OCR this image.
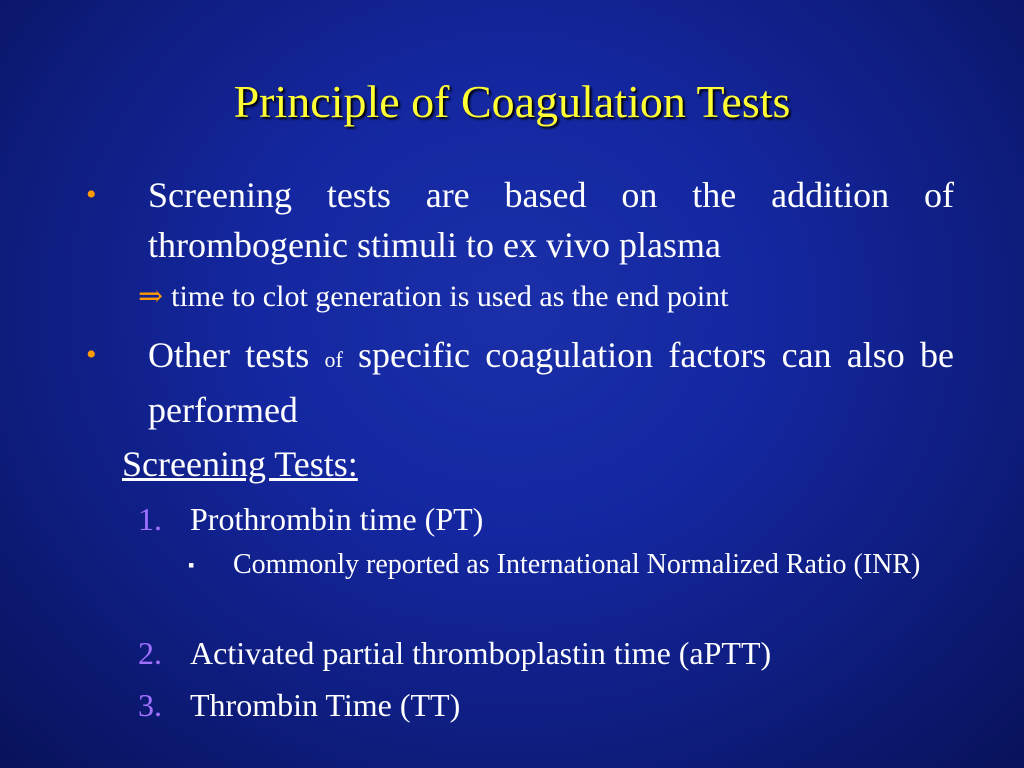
Principle of Coagulation Tests
• Screening tests are based on the addition of thrombogenic stimuli to ex vivo plasma
⇒ time to clot generation is used as the end point
• Other tests of specific coagulation factors can also be performed
Screening Tests:
1. Prothrombin time (PT)
▪ Commonly reported as International Normalized Ratio (INR)
2. Activated partial thromboplastin time (aPTT)
3. Thrombin Time (TT)
